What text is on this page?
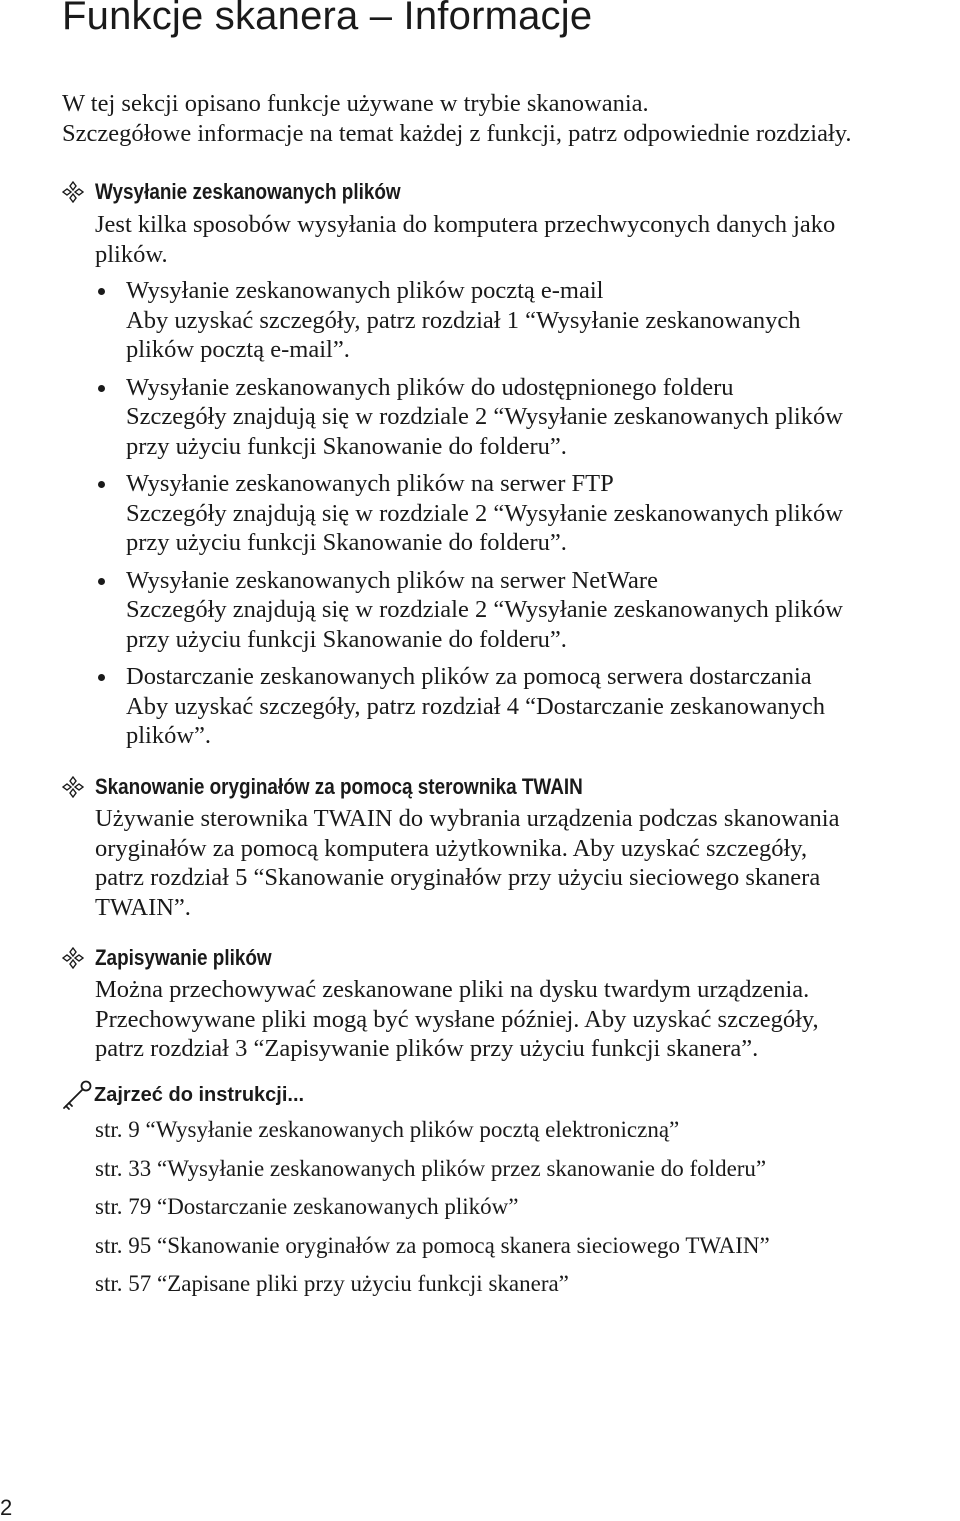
Funkcje skanera – Informacje

W tej sekcji opisano funkcje używane w trybie skanowania.

Szczegółowe informacje na temat każdej z funkcji, patrz odpowiednie rozdziały.

Wysyłanie zeskanowanych plików

Jest kilka sposobów wysyłania do komputera przechwyconych danych jako

plików.

Wysyłanie zeskanowanych plików pocztą e-mail
Aby uzyskać szczegóły, patrz rozdział 1 “Wysyłanie zeskanowanych
plików pocztą e-mail”.
Wysyłanie zeskanowanych plików do udostępnionego folderu
Szczegóły znajdują się w rozdziale 2 “Wysyłanie zeskanowanych plików
przy użyciu funkcji Skanowanie do folderu”.
Wysyłanie zeskanowanych plików na serwer FTP
Szczegóły znajdują się w rozdziale 2 “Wysyłanie zeskanowanych plików
przy użyciu funkcji Skanowanie do folderu”.
Wysyłanie zeskanowanych plików na serwer NetWare
Szczegóły znajdują się w rozdziale 2 “Wysyłanie zeskanowanych plików
przy użyciu funkcji Skanowanie do folderu”.
Dostarczanie zeskanowanych plików za pomocą serwera dostarczania
Aby uzyskać szczegóły, patrz rozdział 4 “Dostarczanie zeskanowanych
plików”.
Skanowanie oryginałów za pomocą sterownika TWAIN

Używanie sterownika TWAIN do wybrania urządzenia podczas skanowania

oryginałów za pomocą komputera użytkownika. Aby uzyskać szczegóły,

patrz rozdział 5 “Skanowanie oryginałów przy użyciu sieciowego skanera

TWAIN”.

Zapisywanie plików

Można przechowywać zeskanowane pliki na dysku twardym urządzenia.

Przechowywane pliki mogą być wysłane później. Aby uzyskać szczegóły,

patrz rozdział 3 “Zapisywanie plików przy użyciu funkcji skanera”.

Zajrzeć do instrukcji...
str. 9 “Wysyłanie zeskanowanych plików pocztą elektroniczną”
str. 33 “Wysyłanie zeskanowanych plików przez skanowanie do folderu”
str. 79 “Dostarczanie zeskanowanych plików”
str. 95 “Skanowanie oryginałów za pomocą skanera sieciowego TWAIN”
str. 57 “Zapisane pliki przy użyciu funkcji skanera”
2
